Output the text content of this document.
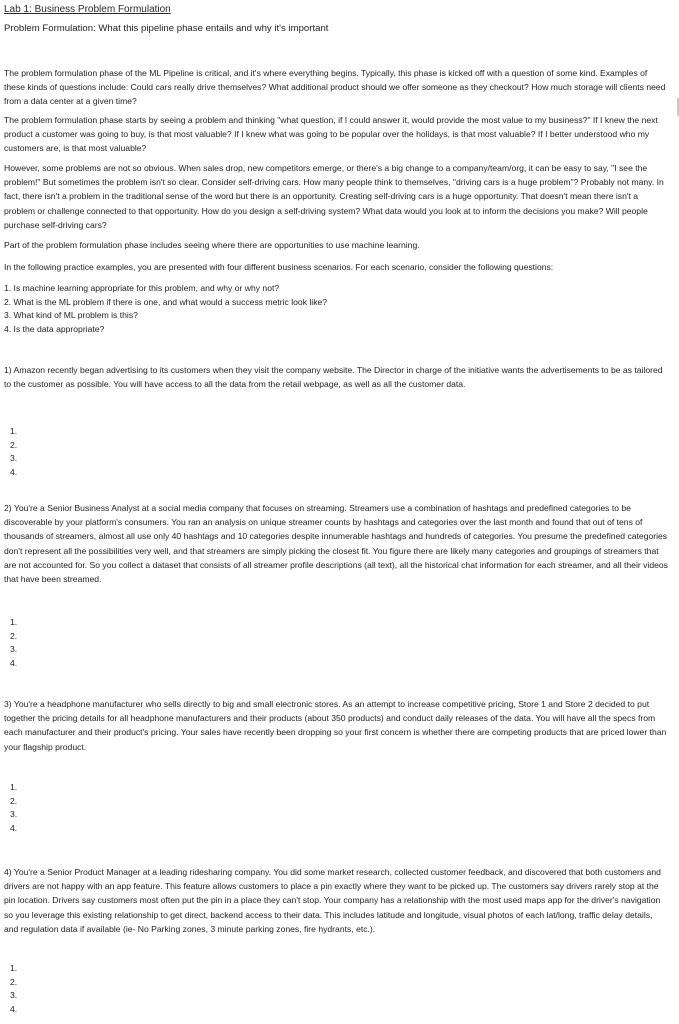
Lab 1: Business Problem Formulation
Problem Formulation: What this pipeline phase entails and why it's important

The problem formulation phase of the ML Pipeline is critical, and it's where everything begins. Typically, this phase is kicked off with a question of some kind. Examples of these kinds of questions include: Could cars really drive themselves? What additional product should we offer someone as they checkout? How much storage will clients need from a data center at a given time?

The problem formulation phase starts by seeing a problem and thinking "what question, if I could answer it, would provide the most value to my business?" If I knew the next product a customer was going to buy, is that most valuable? If I knew what was going to be popular over the holidays, is that most valuable? If I better understood who my customers are, is that most valuable?

However, some problems are not so obvious. When sales drop, new competitors emerge, or there's a big change to a company/team/org, it can be easy to say, "I see the problem!" But sometimes the problem isn't so clear. Consider self-driving cars. How many people think to themselves, "driving cars is a huge problem"? Probably not many. In fact, there isn't a problem in the traditional sense of the word but there is an opportunity. Creating self-driving cars is a huge opportunity. That doesn't mean there isn't a problem or challenge connected to that opportunity. How do you design a self-driving system? What data would you look at to inform the decisions you make? Will people purchase self-driving cars?

Part of the problem formulation phase includes seeing where there are opportunities to use machine learning.

In the following practice examples, you are presented with four different business scenarios. For each scenario, consider the following questions:

1. Is machine learning appropriate for this problem, and why or why not?
2. What is the ML problem if there is one, and what would a success metric look like?
3. What kind of ML problem is this?
4. Is the data appropriate?

1) Amazon recently began advertising to its customers when they visit the company website. The Director in charge of the initiative wants the advertisements to be as tailored to the customer as possible. You will have access to all the data from the retail webpage, as well as all the customer data.

1.
2.
3.
4.

2) You're a Senior Business Analyst at a social media company that focuses on streaming. Streamers use a combination of hashtags and predefined categories to be discoverable by your platform's consumers. You ran an analysis on unique streamer counts by hashtags and categories over the last month and found that out of tens of thousands of streamers, almost all use only 40 hashtags and 10 categories despite innumerable hashtags and hundreds of categories. You presume the predefined categories don't represent all the possibilities very well, and that streamers are simply picking the closest fit. You figure there are likely many categories and groupings of streamers that are not accounted for. So you collect a dataset that consists of all streamer profile descriptions (all text), all the historical chat information for each streamer, and all their videos that have been streamed.

1.
2.
3.
4.

3) You're a headphone manufacturer who sells directly to big and small electronic stores. As an attempt to increase competitive pricing, Store 1 and Store 2 decided to put together the pricing details for all headphone manufacturers and their products (about 350 products) and conduct daily releases of the data. You will have all the specs from each manufacturer and their product's pricing. Your sales have recently been dropping so your first concern is whether there are competing products that are priced lower than your flagship product.

1.
2.
3.
4.

4) You're a Senior Product Manager at a leading ridesharing company. You did some market research, collected customer feedback, and discovered that both customers and drivers are not happy with an app feature. This feature allows customers to place a pin exactly where they want to be picked up. The customers say drivers rarely stop at the pin location. Drivers say customers most often put the pin in a place they can't stop. Your company has a relationship with the most used maps app for the driver's navigation so you leverage this existing relationship to get direct, backend access to their data. This includes latitude and longitude, visual photos of each lat/long, traffic delay details, and regulation data if available (ie- No Parking zones, 3 minute parking zones, fire hydrants, etc.).

1.
2.
3.
4.
